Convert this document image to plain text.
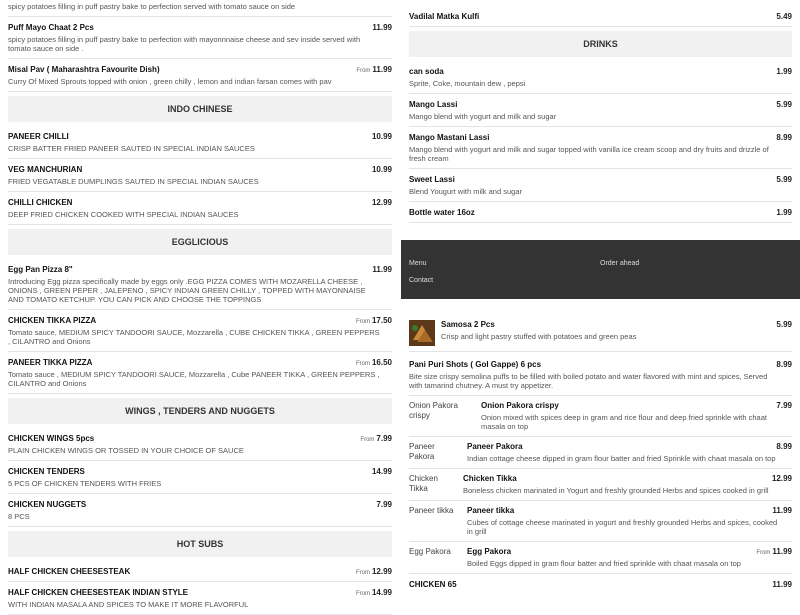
spicy potatoes filling in puff pastry bake to perfection served with tomato sauce on side
Puff Mayo Chaat 2 Pcs	11.99
spicy potatoes filling in puff pastry bake to perfection with mayonnnaise cheese and sev inside served with tomato sauce on side .
Misal Pav ( Maharashtra Favourite Dish)	From 11.99
Curry Of Mixed Sprouts topped with onion , green chilly , lemon and indian farsan comes with pav
INDO CHINESE
PANEER CHILLI	10.99
CRISP BATTER FRIED PANEER SAUTED IN SPECIAL INDIAN SAUCES
VEG MANCHURIAN	10.99
FRIED VEGATABLE DUMPLINGS SAUTED IN SPECIAL INDIAN SAUCES
CHILLI CHICKEN	12.99
DEEP FRIED CHICKEN COOKED WITH SPECIAL INDIAN SAUCES
EGGLICIOUS
Egg Pan Pizza 8"	11.99
Introducing Egg pizza specifically made by eggs only .EGG PIZZA COMES WITH MOZARELLA CHEESE , ONIONS , GREEN PEPER , JALEPENO , SPICY INDIAN GREEN CHILLY , TOPPED WITH MAYONNAISE AND TOMATO KETCHUP. YOU CAN PICK AND CHOOSE THE TOPPINGS
CHICKEN TIKKA PIZZA	From 17.50
Tomato sauce, MEDIUM SPICY TANDOORI SAUCE, Mozzarella , CUBE CHICKEN TIKKA , GREEN PEPPERS , CILANTRO and Onions
PANEER TIKKA PIZZA	From 16.50
Tomato sauce , MEDIUM SPICY TANDOORI SAUCE, Mozzarella , Cube PANEER TIKKA , GREEN PEPPERS , CILANTRO and Onions
WINGS , TENDERS AND NUGGETS
CHICKEN WINGS 5pcs	From 7.99
PLAIN CHICKEN WINGS OR TOSSED IN YOUR CHOICE OF SAUCE
CHICKEN TENDERS	14.99
5 PCS OF CHICKEN TENDERS WITH FRIES
CHICKEN NUGGETS	7.99
8 PCS
HOT SUBS
HALF CHICKEN CHEESESTEAK	From 12.99
HALF CHICKEN CHEESESTEAK INDIAN STYLE	From 14.99
WITH INDIAN MASALA AND SPICES TO MAKE IT MORE FLAVORFUL
Vadilal Matka Kulfi	5.49
DRINKS
can soda	1.99
Sprite, Coke, mountain dew , pepsi
Mango Lassi	5.99
Mango blend with yogurt and milk and sugar
Mango Mastani Lassi	8.99
Mango blend with yogurt and milk and sugar topped with vanilla ice cream scoop and dry fruits and drizzle of fresh cream
Sweet Lassi	5.99
Blend Yougurt with milk and sugar
Bottle water 16oz	1.99
Samosa 2 Pcs	5.99
Crisp and light pastry stuffed with potatoes and green peas
Pani Puri Shots ( Gol Gappe) 6 pcs	8.99
Bite size crispy semolina puffs to be filled with boiled potato and water flavored with mint and spices, Served with tamarind chutney. A must try appetizer.
Onion Pakora crispy
Onion Pakora crispy	7.99
Onion mixed with spices deep in gram and rice flour and deep fried sprinkle with chaat masala on top
Paneer Pakora
Paneer Pakora	8.99
Indian cottage cheese dipped in gram flour batter and fried Sprinkle with chaat masala on top
Chicken Tikka
Chicken Tikka	12.99
Boneless chicken marinated in Yogurt and freshly grounded Herbs and spices cooked in grill
Paneer tikka	Paneer tikka	11.99
Cubes of cottage cheese marinated in yogurt and freshly grounded Herbs and spices, cooked in grill
Egg Pakora	Egg Pakora	From 11.99
Boiled Eggs dipped in gram flour batter and fried sprinkle with chaat masala on top
CHICKEN 65	11.99
Menu	Order ahead
Contact
